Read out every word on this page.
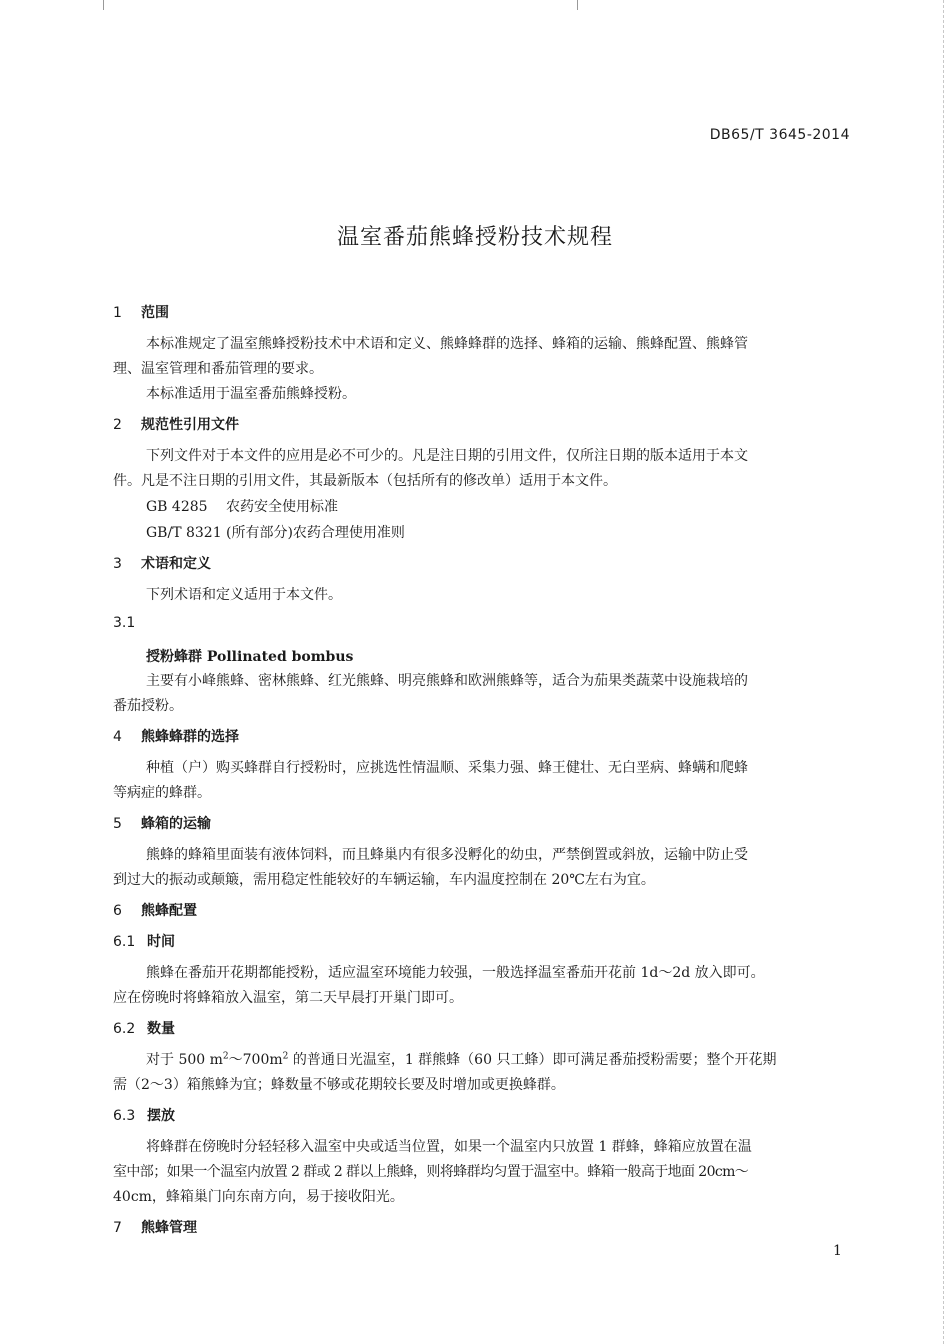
DB65/T 3645-2014
温室番茄熊蜂授粉技术规程
1 范围
本标准规定了温室熊蜂授粉技术中术语和定义、熊蜂蜂群的选择、蜂箱的运输、熊蜂配置、熊蜂管
理、温室管理和番茄管理的要求。
本标准适用于温室番茄熊蜂授粉。
2 规范性引用文件
下列文件对于本文件的应用是必不可少的。凡是注日期的引用文件，仅所注日期的版本适用于本文
件。凡是不注日期的引用文件，其最新版本（包括所有的修改单）适用于本文件。
GB 4285 农药安全使用标准
GB/T 8321 (所有部分)农药合理使用准则
3 术语和定义
下列术语和定义适用于本文件。
3.1
授粉蜂群 Pollinated bombus
主要有小峰熊蜂、密林熊蜂、红光熊蜂、明亮熊蜂和欧洲熊蜂等，适合为茄果类蔬菜中设施栽培的
番茄授粉。
4 熊蜂蜂群的选择
种植（户）购买蜂群自行授粉时，应挑选性情温顺、采集力强、蜂王健壮、无白垩病、蜂螨和爬蜂
等病症的蜂群。
5 蜂箱的运输
熊蜂的蜂箱里面装有液体饲料，而且蜂巢内有很多没孵化的幼虫，严禁倒置或斜放，运输中防止受
到过大的振动或颠簸，需用稳定性能较好的车辆运输，车内温度控制在 20℃左右为宜。
6 熊蜂配置
6.1 时间
熊蜂在番茄开花期都能授粉，适应温室环境能力较强，一般选择温室番茄开花前 1d～2d 放入即可。
应在傍晚时将蜂箱放入温室，第二天早晨打开巢门即可。
6.2 数量
对于 500 $m^2\sim 700m^2$ 的普通日光温室，1 群熊蜂（60 只工蜂）即可满足番茄授粉需要；整个开花期
需（2～3）箱熊蜂为宜；蜂数量不够或花期较长要及时增加或更换蜂群。
6.3 摆放
将蜂群在傍晚时分轻轻移入温室中央或适当位置，如果一个温室内只放置 1 群蜂，蜂箱应放置在温
室中部；如果一个温室内放置 2 群或 2 群以上熊蜂，则将蜂群均匀置于温室中。蜂箱一般高于地面 20cm～
40cm，蜂箱巢门向东南方向，易于接收阳光。
7 熊蜂管理
1
